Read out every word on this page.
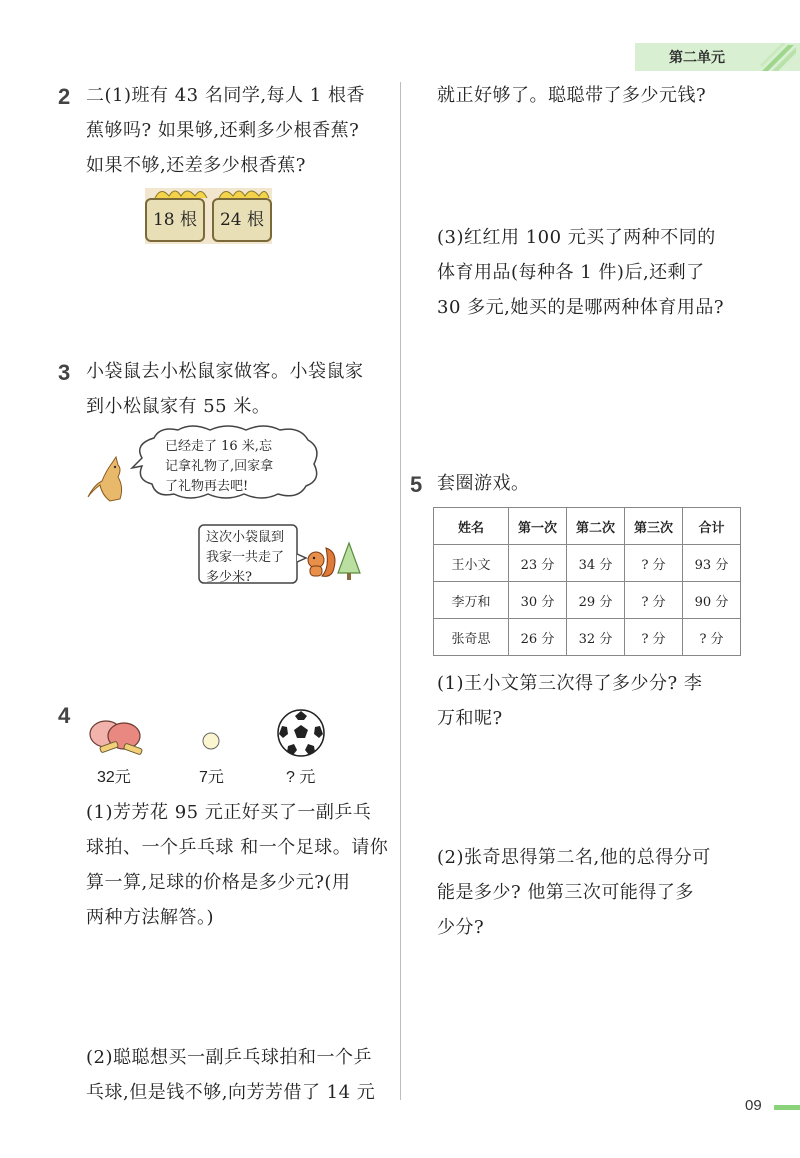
第二单元
2 二(1)班有 43 名同学,每人 1 根香
蕉够吗? 如果够,还剩多少根香蕉?
如果不够,还差多少根香蕉?
18 根	24 根
3 小袋鼠去小松鼠家做客。小袋鼠家
到小松鼠家有 55 米。
已经走了 16 米,忘
记拿礼物了,回家拿
了礼物再去吧!
这次小袋鼠到
我家一共走了
多少米?
4
32元	7元	? 元
(1)芳芳花 95 元正好买了一副乒乓
球拍、一个乒乓球 和一个足球。请你
算一算,足球的价格是多少元?(用
两种方法解答。)
(2)聪聪想买一副乒乓球拍和一个乒
乓球,但是钱不够,向芳芳借了 14 元
就正好够了。聪聪带了多少元钱?
(3)红红用 100 元买了两种不同的
体育用品(每种各 1 件)后,还剩了
30 多元,她买的是哪两种体育用品?
5 套圈游戏。
姓名	第一次	第二次	第三次	合计
王小文	23 分	34 分	? 分	93 分
李万和	30 分	29 分	? 分	90 分
张奇思	26 分	32 分	? 分	? 分
(1)王小文第三次得了多少分? 李
万和呢?
(2)张奇思得第二名,他的总得分可
能是多少? 他第三次可能得了多
少分?
09
